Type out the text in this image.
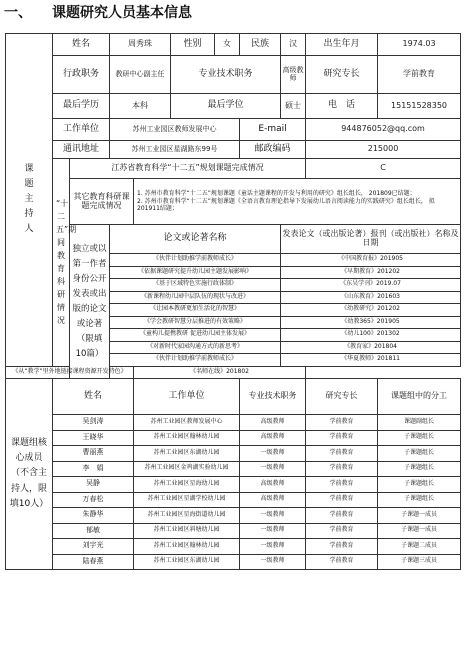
一、 课题研究人员基本信息
课题主持人	姓名		周秀珠		性别	女	民族	汉	出生年月	1974.03
	行政职务		教研中心副主任		专业技术职务			高级教师	研究专长	学前教育
	最后学历		本科		最后学位			硕士	电　话	15151528350
	工作单位		苏州工业园区教师发展中心				E-mail		944876052@qq.com	
	通讯地址		苏州工业园区星湖路东99号				邮政编码		215000	

	“十二五”期间教育科研情况	江苏省教育科学“十二五”规划课题完成情况							C	
		其它教育科研课题完成情况		1. 苏州市教育科学“十二五”规划课题《童话主题课程的开发与利用的研究》组长组长， 201809已结题；
2. 苏州市教育科学“十二五”规划课题《全语言教育理论指导下发展幼儿语言阅读能力的实践研究》组长组长， 拟 201911结题；						

		独立或以第一作者身份公开发表或出版的论文或论著（限填10篇）	论文或论著名称					发表论文（或出版论著）报刊（或出版社）名称及日期		
			《伙伴计划助推学前教师成长》					《中国教育报》201905		
			《依据课题研究提升幼儿园主题发展影响》					《早期教育》201202		
			《基于区域特色实施行政体制》					《东吴学刊》2019.07		
			《新课程幼儿园中层队伍的现状与改进》					《山东教育》201603		
			《让园本教研更加生活化的智慧》					《幼教研究》201202		
			《学会教研智慧分层推进的有效策略》					《幼教365》201905		
			《童构儿提携教研 促进幼儿园主体发展》					《幼儿100》201302		
			《对新时代家园沟通方式的新思考》					《教育家》201804		
			《伙伴计划助推学前教师成长》					《华夏教师》201811		
《从“教学”里外地链接课程资源开发特色》				《名师在线》201802						

课题组核心成员（不含主持人，限填10人）	姓名			工作单位			专业技术职务		研究专长	课题组中的分工
	吴剑涛			苏州工业园区教师发展中心			高级教师		学前教育	课题副组长
	王晓华			苏州工业园区翰林幼儿园			高级教师		学前教育	子课题组长
	曹丽燕			苏州工业园区东湖幼儿园			一级教师		学前教育	子课题组长
	李　娟			苏州工业园区金鸡湖实验幼儿园			一级教师		学前教育	子课题组长
	吴静			苏州工业园区星海幼儿园			高级教师		学前教育	子课题组长
	万春松			苏州工业园区星湖学校幼儿园			高级教师		学前教育	子课题组长
	朱静华			苏州工业园区星海街道幼儿园			一级教师		学前教育	子课题一成员
	郁敏			苏州工业园区斜塘幼儿园			一级教师		学前教育	子课题一成员
	刘宇光			苏州工业园区翰林幼儿园			一级教师		学前教育	子课题二成员
	陆春燕			苏州工业园区东湖幼儿园			一级教师		学前教育	子课题三成员
